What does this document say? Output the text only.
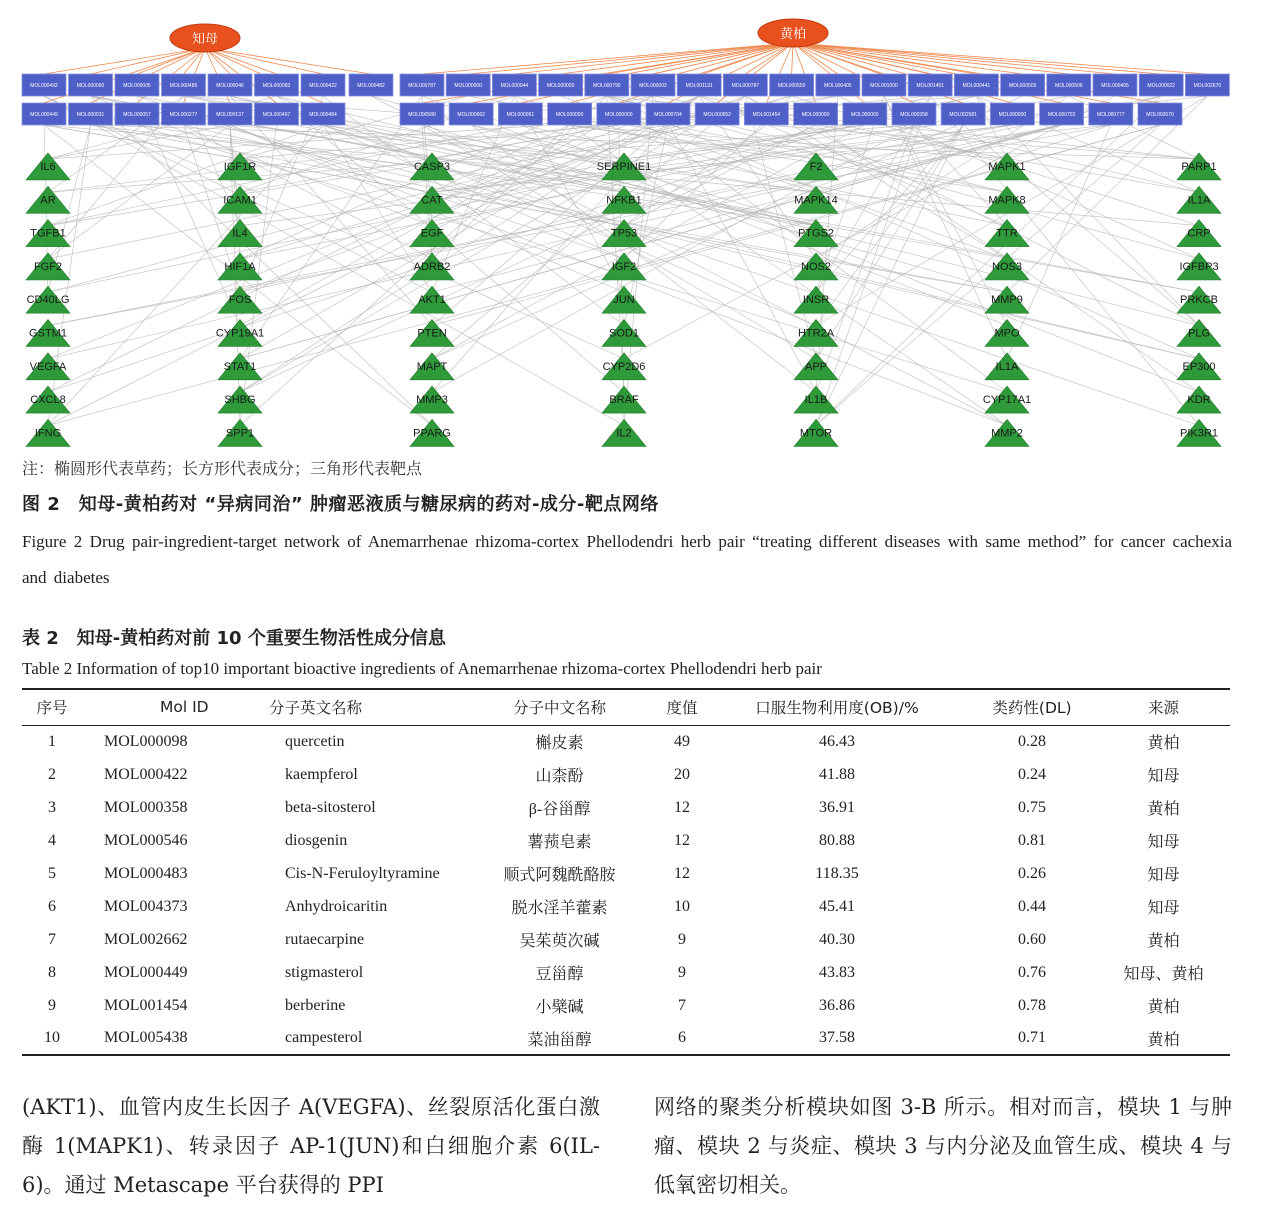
MOL000492	MOL000060	MOL000005	MOL000485	MOL000046	MOL000083	MOL000422
MOL000449	MOL000031	MOL000057	MOL000277	MOL000137	MOL000467	MOL000484
MOL000482	MOL000787	MOL000000	MOL000044	MOL000000	MOL000790	MOL000002	MOL001131	MOL000787	MOL000550	MOL000405	MOL001000	MOL001451	MOL000441	MOL000505	MOL000506	MOL000405	MOL000022	MOL002670
MOL000580	MOL000662	MOL000061	MOL000000	MOL000000	MOL000704	MOL000652	MOL001454	MOL000000	MOL000000	MOL000358	MOL002581	MOL000000	MOL000702	MOL000777	MOL002670
知母	黄柏
IL6
AR
TGFB1
FGF2
CD40LG
GSTM1
VEGFA
CXCL8
IFNG
IGF1R
ICAM1
IL4
HIF1A
FOS
CYP19A1
STAT1
SHBG
SPP1
CASP3
CAT
EGF
ADRB2
AKT1
PTEN
MAPT
MMP3
PPARG
SERPINE1
NFKB1
TP53
IGF2
JUN
SOD1
CYP2D6
BRAF
IL2
F2
MAPK14
PTGS2
NOS2
INSR
HTR2A
APP
IL1B
MTOR
MAPK1
MAPK8
TTR
NOS3
MMP9
MPO
IL1A
CYP17A1
MMP2
PARP1
IL1A
CRP
IGFBP3
PRKCB
PLG
EP300
KDR
PIK3R1
注：椭圆形代表草药；长方形代表成分；三角形代表靶点
图 2　知母-黄柏药对 “异病同治” 肿瘤恶液质与糖尿病的药对-成分-靶点网络
Figure 2 Drug pair-ingredient-target network of Anemarrhenae rhizoma-cortex Phellodendri herb pair “treating different diseases with same method” for cancer cachexia and diabetes
表 2　知母-黄柏药对前 10 个重要生物活性成分信息
Table 2 Information of top10 important bioactive ingredients of Anemarrhenae rhizoma-cortex Phellodendri herb pair
序号	Mol ID	分子英文名称	分子中文名称	度值	口服生物利用度(OB)/%	类药性(DL)	来源
1	MOL000098	quercetin	槲皮素	49	46.43	0.28	黄柏
2	MOL000422	kaempferol	山柰酚	20	41.88	0.24	知母
3	MOL000358	beta-sitosterol	β-谷甾醇	12	36.91	0.75	黄柏
4	MOL000546	diosgenin	薯蓣皂素	12	80.88	0.81	知母
5	MOL000483	Cis-N-Feruloyltyramine	顺式阿魏酰酪胺	12	118.35	0.26	知母
6	MOL004373	Anhydroicaritin	脱水淫羊藿素	10	45.41	0.44	知母
7	MOL002662	rutaecarpine	吴茱萸次碱	9	40.30	0.60	黄柏
8	MOL000449	stigmasterol	豆甾醇	9	43.83	0.76	知母、黄柏
9	MOL001454	berberine	小檗碱	7	36.86	0.78	黄柏
10	MOL005438	campesterol	菜油甾醇	6	37.58	0.71	黄柏
(AKT1)、血管内皮生长因子 A(VEGFA)、丝裂原活化蛋白激酶 1(MAPK1)、转录因子 AP-1(JUN)和白细胞介素 6(IL-6)。通过 Metascape 平台获得的 PPI
网络的聚类分析模块如图 3-B 所示。相对而言，模块 1 与肿瘤、模块 2 与炎症、模块 3 与内分泌及血管生成、模块 4 与低氧密切相关。
